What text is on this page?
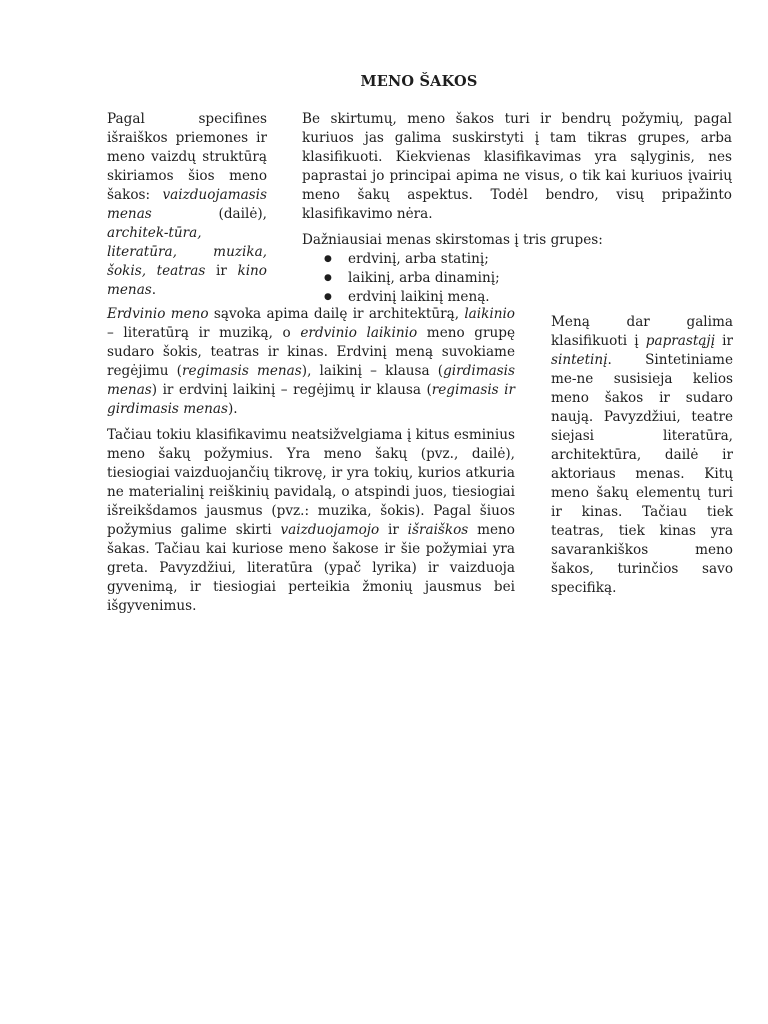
MENO ŠAKOS

Pagal specifines išraiškos priemones ir meno vaizdų struktūrą skiriamos šios meno šakos: vaizduojamasis menas (dailė), architek-tūra, literatūra, muzika, šokis, teatras ir kino menas.

Be skirtumų, meno šakos turi ir bendrų požymių, pagal kuriuos jas galima suskirstyti į tam tikras grupes, arba klasifikuoti. Kiekvienas klasifikavimas yra sąlyginis, nes paprastai jo principai apima ne visus, o tik kai kuriuos įvairių meno šakų aspektus. Todėl bendro, visų pripažinto klasifikavimo nėra.

Dažniausiai menas skirstomas į tris grupes:

● erdvinį, arba statinį;
● laikinį, arba dinaminį;
● erdvinį laikinį meną.

Erdvinio meno sąvoka apima dailę ir architektūrą, laikinio – literatūrą ir muziką, o erdvinio laikinio meno grupę sudaro šokis, teatras ir kinas. Erdvinį meną suvokiame regėjimu (regimasis menas), laikinį – klausa (girdimasis menas) ir erdvinį laikinį – regėjimų ir klausa (regimasis ir girdimasis menas).

Tačiau tokiu klasifikavimu neatsižvelgiama į kitus esminius meno šakų požymius. Yra meno šakų (pvz., dailė), tiesiogiai vaizduojančių tikrovę, ir yra tokių, kurios atkuria ne materialinį reiškinių pavidalą, o atspindi juos, tiesiogiai išreikšdamos jausmus (pvz.: muzika, šokis). Pagal šiuos požymius galime skirti vaizduojamojo ir išraiškos meno šakas. Tačiau kai kuriose meno šakose ir šie požymiai yra greta. Pavyzdžiui, literatūra (ypač lyrika) ir vaizduoja gyvenimą, ir tiesiogiai perteikia žmonių jausmus bei išgyvenimus.

Meną dar galima klasifikuoti į paprastąjį ir sintetinį. Sintetiniame me-ne susisieja kelios meno šakos ir sudaro naują. Pavyzdžiui, teatre siejasi literatūra, architektūra, dailė ir aktoriaus menas. Kitų meno šakų elementų turi ir kinas. Tačiau tiek teatras, tiek kinas yra savarankiškos meno šakos, turinčios savo specifiką.
